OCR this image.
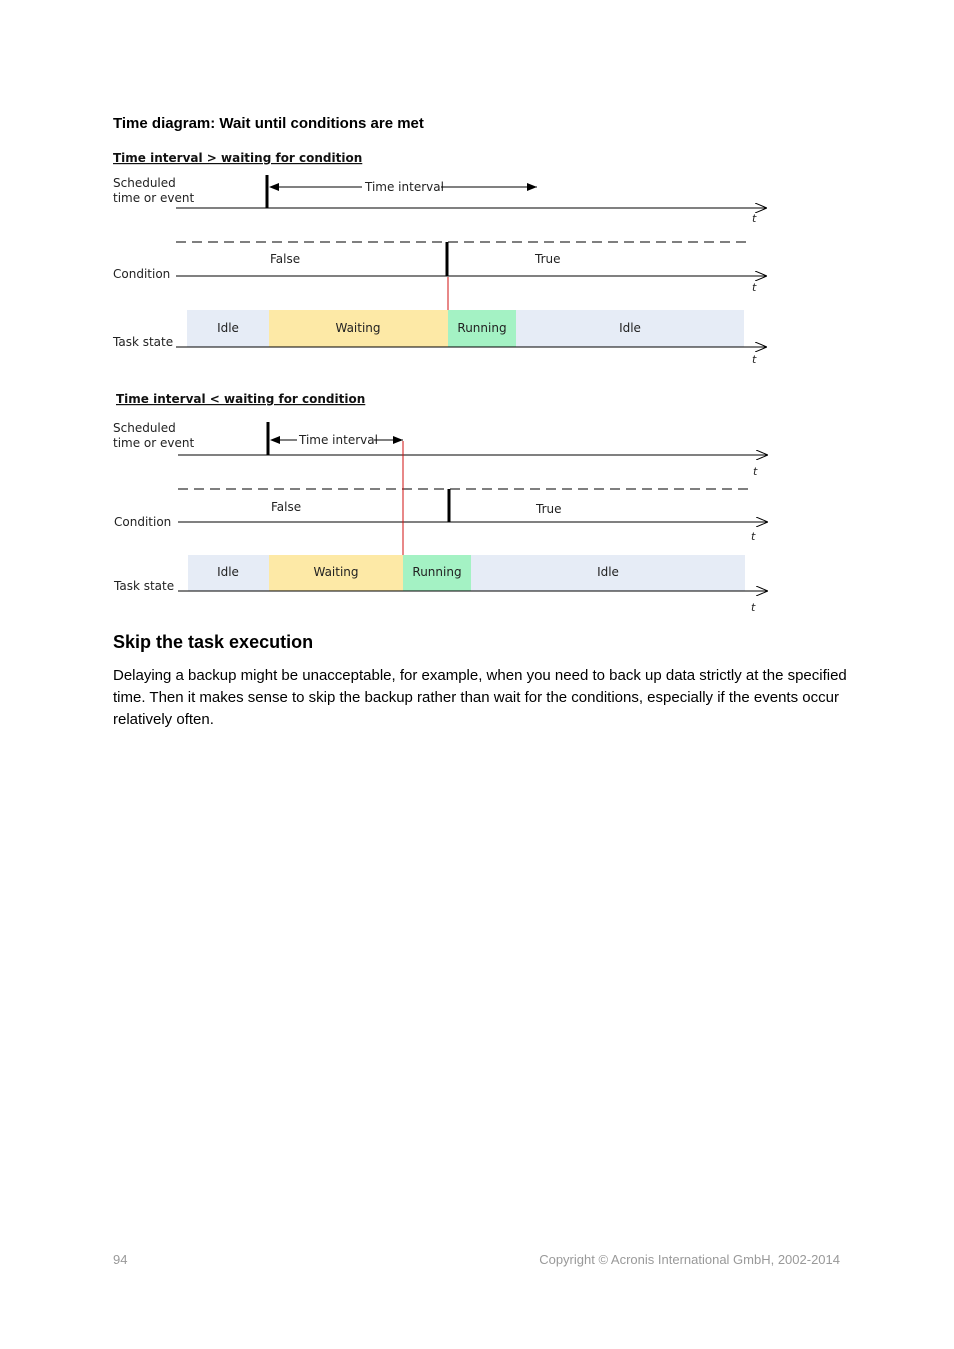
Time diagram: Wait until conditions are met

Time interval > waiting for condition
Scheduled
time or event
Time interval
t
False	True
Condition
t
Idle	Waiting	Running	Idle
Task state
t
Time interval < waiting for condition
Scheduled
time or event	Time interval
t
False	True
Condition
t
Idle	Waiting	Running	Idle
Task state
t
Skip the task execution

Delaying a backup might be unacceptable, for example, when you need to back up data strictly at the specified time. Then it makes sense to skip the backup rather than wait for the conditions, especially if the events occur relatively often.

94	Copyright © Acronis International GmbH, 2002-2014
